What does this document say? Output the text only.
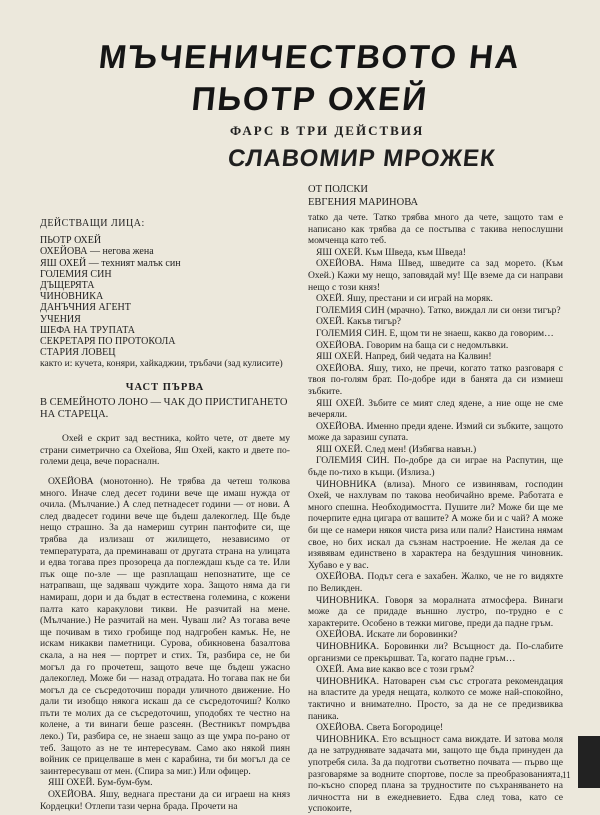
МЪЧЕНИЧЕСТВОТО НА
ПЬОТР ОХЕЙ
ФАРС В ТРИ ДЕЙСТВИЯ
СЛАВОМИР МРОЖЕК
ОТ ПОЛСКИ
ЕВГЕНИЯ МАРИНОВА

ДЕЙСТВАЩИ ЛИЦА:

ПЬОТР ОХЕЙ

ОХЕЙОВА — негова жена

ЯШ ОХЕЙ — техният малък син

ГОЛЕМИЯ СИН

ДЪЩЕРЯТА

ЧИНОВНИКА

ДАНЪЧНИЯ АГЕНТ

УЧЕНИЯ

ШЕФА НА ТРУПАТА

СЕКРЕТАРЯ ПО ПРОТОКОЛА

СТАРИЯ ЛОВЕЦ

както и: кучета, коняри, хайкаджии, тръбачи (зад кулисите)

ЧАСТ ПЪРВА

В СЕМЕЙНОТО ЛОНО — ЧАК ДО ПРИСТИГАНЕТО НА СТАРЕЦА.

Охей е скрит зад вестника, който чете, от двете му страни симетрично са Охейова, Яш Охей, както и двете по-големи деца, вече порасналн.

ОХЕЙОВА (монотонно). Не трябва да четеш толкова много. Иначе след десет години вече ще имаш нужда от очила. (Мълчание.) А след петнадесет години — от нови. А след двадесет години вече ще бъдеш далекоглед. Ще бъде нещо страшно. За да намериш сутрин пантофите си, ще трябва да излизаш от жилището, независимо от температурата, да преминаваш от другата страна на улицата и едва тогава през прозореца да поглеждаш къде са те. Или пък още по-зле — ще разплащаш непознатите, ще се натрапваш, ще задяваш чуждите хора. Защото няма да ги намираш, дори и да бъдат в естествена големина, с кожени палта като каракулови тикви. Не разчитай на мене. (Мълчание.) Не разчитай на мен. Чуваш ли? Аз тогава вече ще почивам в тихо гробище под надгробен камък. Не, не искам никакви паметници. Сурова, обикновена базалтова скала, а на нея — портрет и стих. Тя, разбира се, не би могъл да го прочетеш, защото вече ще бъдеш ужасно далекоглед. Може би — назад отрадата. Но тогава пак не би могъл да се съсредоточиш поради уличното движение. Но дали ти изобщо някога искаш да се съсредоточиш? Колко пъти те молих да се съсредоточиш, уподобях те честно на колене, а ти винаги беше разсеян. (Вестникът помръдва леко.) Ти, разбира се, не знаеш защо аз ще умра по-рано от теб. Защото аз не те интересувам. Само ако някой пиян войник се прицелваше в мен с карабина, ти би могъл да се заинтересуваш от мен. (Спира за миг.) Или офицер.

ЯШ ОХЕЙ. Бум-бум-бум.

ОХЕЙОВА. Яшу, веднага престани да си играеш на княз Кордецки! Отлепи тази черна брада. Прочети на

тatко да чете. Татко трябва много да чете, защото там е написано как трябва да се постъпва с такива непослушни момченца като теб.

ЯШ ОХЕЙ. Към Шведа, към Шведа!

ОХЕЙОВА. Няма Швед, шведите са зад морето. (Към Охей.) Кажи му нещо, заповядай му! Ще вземе да си направи нещо с този княз!

ОХЕЙ. Яшу, престани и си играй на моряк.

ГОЛЕМИЯ СИН (мрачно). Татко, виждал ли си онзи тигър?

ОХЕЙ. Какъв тигър?

ГОЛЕМИЯ СИН. Е, щом ти не знаеш, какво да говорим…

ОХЕЙОВА. Говорим на баща си с недомлъвки.

ЯШ ОХЕЙ. Напред, бий чедата на Калвин!

ОХЕЙОВА. Яшу, тихо, не пречи, когато татко разговаря с твоя по-голям брат. По-добре иди в банята да си измиеш зъбките.

ЯШ ОХЕЙ. Зъбите се мият след ядене, а ние още не сме вечеряли.

ОХЕЙОВА. Именно преди ядене. Измий си зъбките, защото може да заразиш супата.

ЯШ ОХЕЙ. След мен! (Избягва навън.)

ГОЛЕМИЯ СИН. По-добре да си играе на Распутин, ще бъде по-тихо в къщи. (Излиза.)

ЧИНОВНИКА (влиза). Много се извинявам, господин Охей, че нахлувам по такова необичайно време. Работата е много спешна. Необходимостта. Пушите ли? Може би ще ме почерпите една цигара от вашите? А може би и с чай? А може би ще се намери някоя чиста риза или пали? Наистина нямам свое, но бих искал да съзнам настроение. Не желая да се изявявам единствено в характера на бездушния чиновник. Хубаво е у вас.

ОХЕЙОВА. Подът сега е захабен. Жалко, че не го видяхте по Великден.

ЧИНОВНИКА. Говоря за моралната атмосфера. Винаги може да се придаде външно лустро, по-трудно е с характерите. Особено в тежки мигове, преди да падне гръм.

ОХЕЙОВА. Искате ли боровинки?

ЧИНОВНИКА. Боровинки ли? Всъщност да. По-слабите организми се прекършват. Та, когато падне гръм…

ОХЕЙ. Ама вие какво все с този гръм?

ЧИНОВНИКА. Натоварен съм със строгата рекомендация на властите да уредя нещата, колкото се може най-спокойно, тактично и внимателно. Просто, за да не се предизвиква паника.

ОХЕЙОВА. Света Богородице!

ЧИНОВНИКА. Ето всъщност сама виждате. И затова моля да не затруднявате задачата ми, защото ще бъда принуден да употребя сила. За да подготви съответно почвата — първо ще разговаряме за водните спортове, после за преобразованията, по-късно според плана за трудностите по съхраняването на личността ни в ежедневието. Едва след това, като се успокоите,

11
